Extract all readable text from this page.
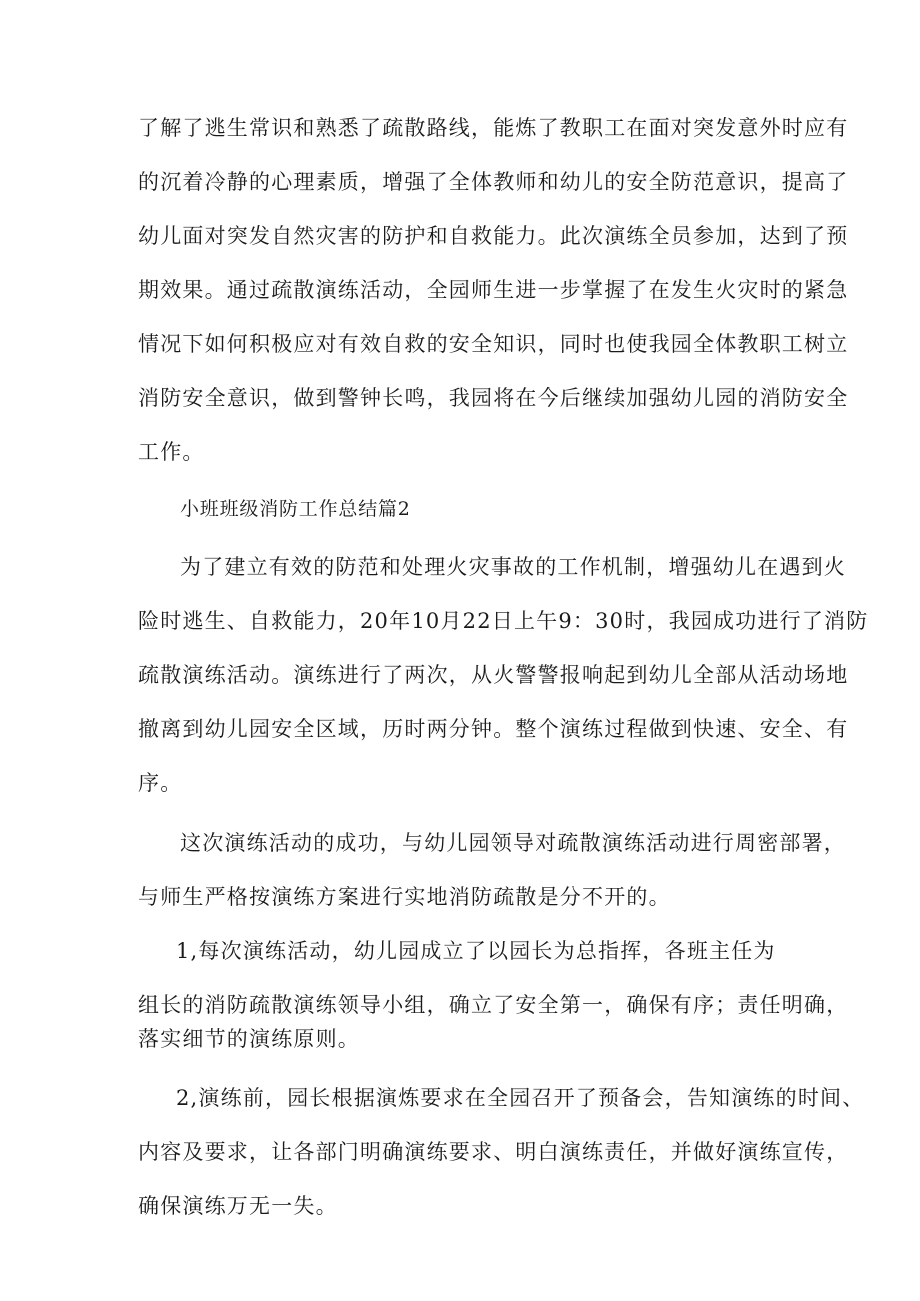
了解了逃生常识和熟悉了疏散路线，能炼了教职工在面对突发意外时应有

的沉着冷静的心理素质，增强了全体教师和幼儿的安全防范意识，提高了

幼儿面对突发自然灾害的防护和自救能力。此次演练全员参加，达到了预

期效果。通过疏散演练活动，全园师生进一步掌握了在发生火灾时的紧急

情况下如何积极应对有效自救的安全知识，同时也使我园全体教职工树立

消防安全意识，做到警钟长鸣，我园将在今后继续加强幼儿园的消防安全

工作。

小班班级消防工作总结篇2

为了建立有效的防范和处理火灾事故的工作机制，增强幼儿在遇到火

险时逃生、自救能力，20年10月22日上午9：30时，我园成功进行了消防

疏散演练活动。演练进行了两次，从火警警报响起到幼儿全部从活动场地

撤离到幼儿园安全区域，历时两分钟。整个演练过程做到快速、安全、有

序。

这次演练活动的成功，与幼儿园领导对疏散演练活动进行周密部署，

与师生严格按演练方案进行实地消防疏散是分不开的。

1,每次演练活动，幼儿园成立了以园长为总指挥，各班主任为

组长的消防疏散演练领导小组，确立了安全第一，确保有序；责任明确，

落实细节的演练原则。

2,演练前，园长根据演炼要求在全园召开了预备会，告知演练的时间、

内容及要求，让各部门明确演练要求、明白演练责任，并做好演练宣传，

确保演练万无一失。
